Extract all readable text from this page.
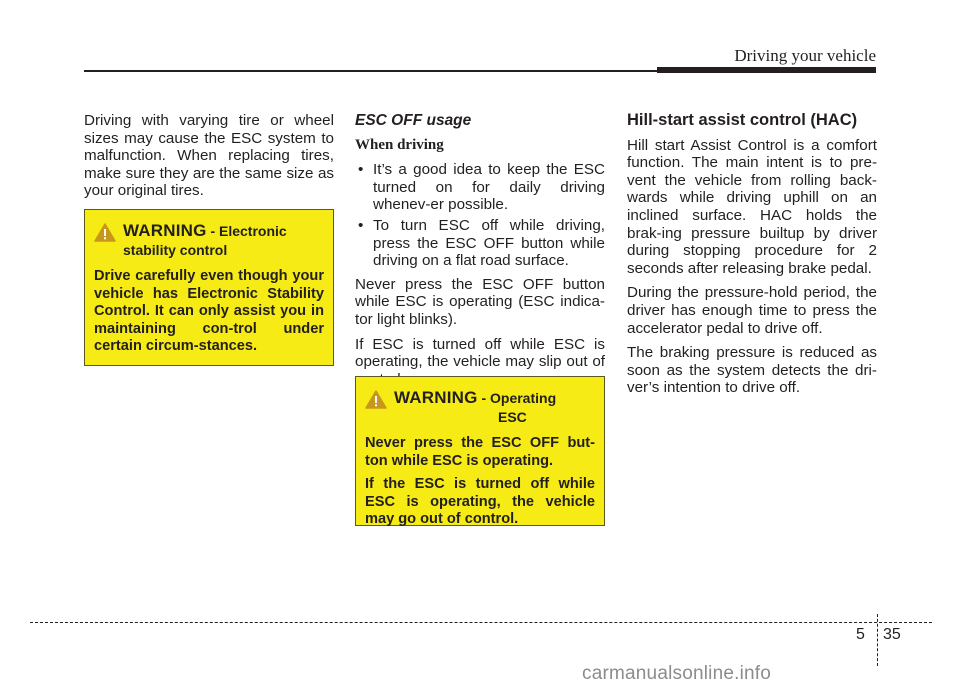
Driving your vehicle

Driving with varying tire or wheel sizes may cause the ESC system to malfunction. When replacing tires, make sure they are the same size as your original tires.

WARNING - Electronic
stability control

Drive carefully even though your vehicle has Electronic Stability Control. It can only assist you in maintaining con-trol under certain circum-stances.

ESC OFF usage

When driving

• It’s a good idea to keep the ESC turned on for daily driving whenev-er possible.
• To turn ESC off while driving, press the ESC OFF button while driving on a flat road surface.

Never press the ESC OFF button while ESC is operating (ESC indica-tor light blinks).

If ESC is turned off while ESC is operating, the vehicle may slip out of

WARNING - Operating
ESC

Never press the ESC OFF but-ton while ESC is operating.

If the ESC is turned off while ESC is operating, the vehicle may go out of control.

Hill-start assist control (HAC)

Hill start Assist Control is a comfort function. The main intent is to pre-vent the vehicle from rolling back-wards while driving uphill on an inclined surface. HAC holds the brak-ing pressure builtup by driver during stopping procedure for 2 seconds after releasing brake pedal.

During the pressure-hold period, the driver has enough time to press the accelerator pedal to drive off.

The braking pressure is reduced as soon as the system detects the dri-ver’s intention to drive off.

5 35
carmanualsonline.info
